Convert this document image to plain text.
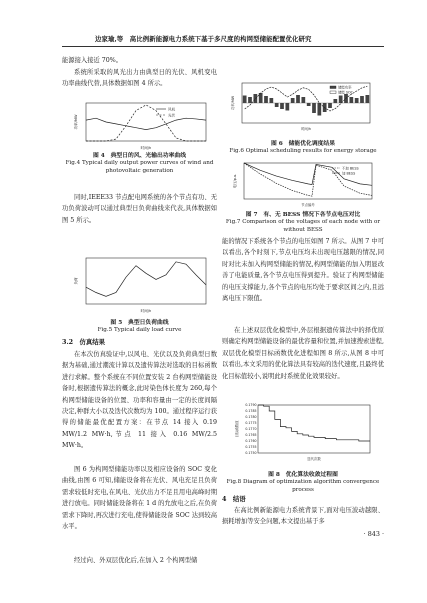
边家瑜,等　高比例新能源电力系统下基于多尺度的构网型储能配置优化研究
能源接入接近 70%。
系统所采取的风光出力由典型日的光伏、风机变电功率曲线代替,具体数据如图 4 所示。
风机
光伏
功率/MW
时间/h
图 4　典型日的风、光输出功率曲线
Fig.4 Typical daily output power curves of wind and photovoltaic generation
同时,IEEE33 节点配电网系统的各个节点有功、无功负荷波动可以通过典型日负荷曲线来代表,具体数据如图 5 所示。
负荷
时间/h
图 5　典型日负荷曲线
Fig.5 Typical daily load curve
3.2　仿真结果
在本次仿真验证中,以风电、光伏以及负荷典型日数据为基础,通过潮流计算以及遗传算法对选取的目标函数进行求解。整个系统在不同位置安装 2 台构网型储能设备时,根据遗传算法的概念,此时染色体长度为 260,每个构网型储能设备的位置、功率和容量由一定的长度间隔决定,种群大小以及迭代次数均为 100。通过程序运行获得的储能最优配置方案：在节点 14 接入 0.19 MW/1.2 MW·h,节点 11 接入 0.16 MW/2.5 MW·h。
图 6 为构网型储能功率以及相应设备的 SOC 变化曲线,由图 6 可知,储能设备将在光伏、风电充足且负荷需求较低时充电,在风电、光伏出力不足且用电高峰时期进行放电。同时储能设备将在 1 d 的允放电之后,在负荷需求下降时,再次进行充电,使得储能设备 SOC 达到较高水平。
经过向、外双层优化后,在加入 2 个构网型储
储能功率
储能 SOC
功率/MW
时间/h
图 6　储能优化调度结果
Fig.6 Optimal scheduling results for energy storage
不加 BESS
加 BESS
电压/p.u.
节点编号
图 7　有、无 BESS 情况下各节点电压对比
Fig.7 Comparison of the voltages of each node with or without BESS
能的情况下系统各个节点的电压如图 7 所示。从图 7 中可以看出,各个时刻下,节点电压均未出现电压越限的情况,同时对比未加入构网型储能的情况,构网型储能的加入明显改善了电能质量,各个节点电压得到提升。验证了构网型储能的电压支撑能力,各个节点的电压均处于要求区间之内,且远离电压下限值。
在上述双层优化模型中,外层根据遗传算法中的择优原则确定构网型储能设备的最优容量和位置,并加速搜索进程,双层优化模型目标函数优化进程如图 8 所示,从图 8 中可以看出,本文采用的优化算法具有较高的迭代速度,且最终优化目标值较小,说明此时系统优化效果较好。
0.1790
0.1785
0.1780
0.1775
0.1770
0.1765
0.1760
0.1755
0.1750
目标函数值
迭代次数
图 8　优化算法收敛过程图
Fig.8 Diagram of optimization algorithm convergence process
4　结语
在高比例新能源电力系统背景下,面对电压波动越限、损耗增加等安全问题,本文提出基于多
· 843 ·
